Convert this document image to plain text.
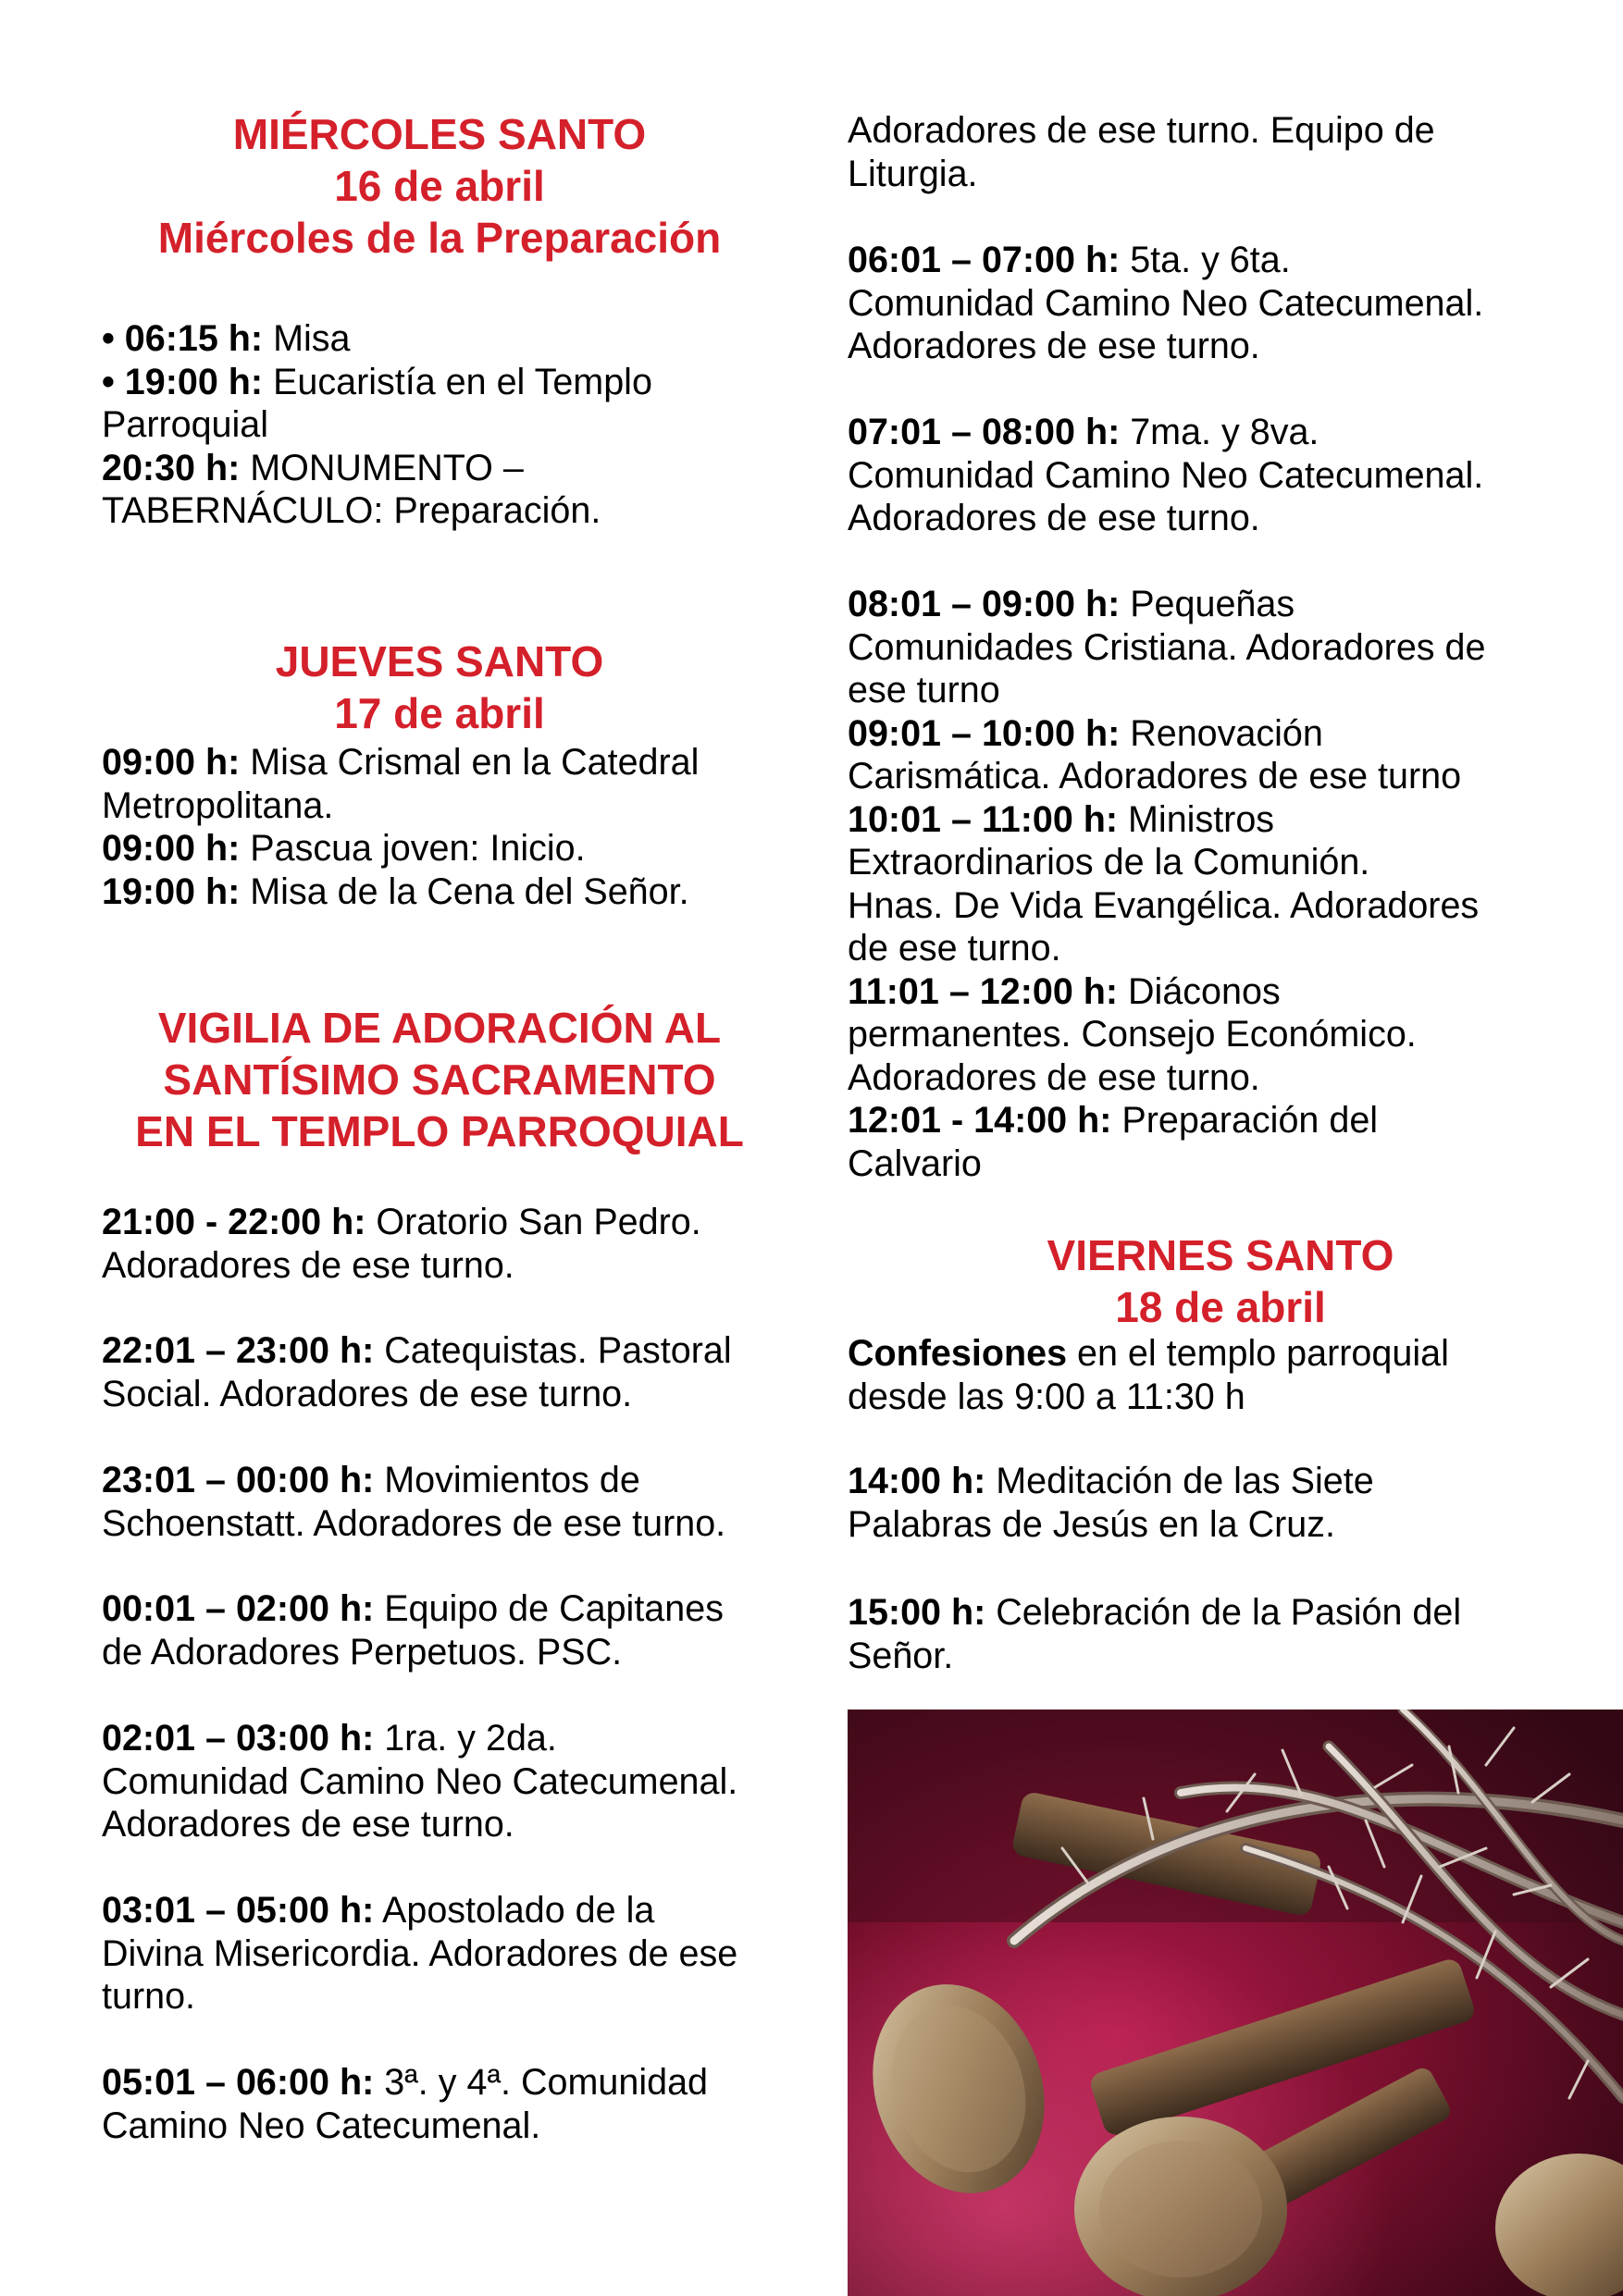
MIÉRCOLES SANTO
16 de abril
Miércoles de la Preparación
• 06:15 h: Misa
• 19:00 h: Eucaristía en el Templo
Parroquial
20:30 h: MONUMENTO –
TABERNÁCULO: Preparación.
JUEVES SANTO
17 de abril
09:00 h: Misa Crismal en la Catedral
Metropolitana.
09:00 h: Pascua joven: Inicio.
19:00 h: Misa de la Cena del Señor.
VIGILIA DE ADORACIÓN AL
SANTÍSIMO SACRAMENTO
EN EL TEMPLO PARROQUIAL
21:00 - 22:00 h: Oratorio San Pedro.
Adoradores de ese turno.
22:01 – 23:00 h: Catequistas. Pastoral
Social. Adoradores de ese turno.
23:01 – 00:00 h: Movimientos de
Schoenstatt. Adoradores de ese turno.
00:01 – 02:00 h: Equipo de Capitanes
de Adoradores Perpetuos. PSC.
02:01 – 03:00 h: 1ra. y 2da.
Comunidad Camino Neo Catecumenal.
Adoradores de ese turno.
03:01 – 05:00 h: Apostolado de la
Divina Misericordia. Adoradores de ese
turno.
05:01 – 06:00 h: 3ª. y 4ª. Comunidad
Camino Neo Catecumenal.
Adoradores de ese turno. Equipo de
Liturgia.
06:01 – 07:00 h: 5ta. y 6ta.
Comunidad Camino Neo Catecumenal.
Adoradores de ese turno.
07:01 – 08:00 h: 7ma. y 8va.
Comunidad Camino Neo Catecumenal.
Adoradores de ese turno.
08:01 – 09:00 h: Pequeñas
Comunidades Cristiana. Adoradores de
ese turno
09:01 – 10:00 h: Renovación
Carismática. Adoradores de ese turno
10:01 – 11:00 h: Ministros
Extraordinarios de la Comunión.
Hnas. De Vida Evangélica. Adoradores
de ese turno.
11:01 – 12:00 h: Diáconos
permanentes. Consejo Económico.
Adoradores de ese turno.
12:01 - 14:00 h: Preparación del
Calvario
VIERNES SANTO
18 de abril
Confesiones en el templo parroquial
desde las 9:00 a 11:30 h
14:00 h: Meditación de las Siete
Palabras de Jesús en la Cruz.
15:00 h: Celebración de la Pasión del
Señor.
